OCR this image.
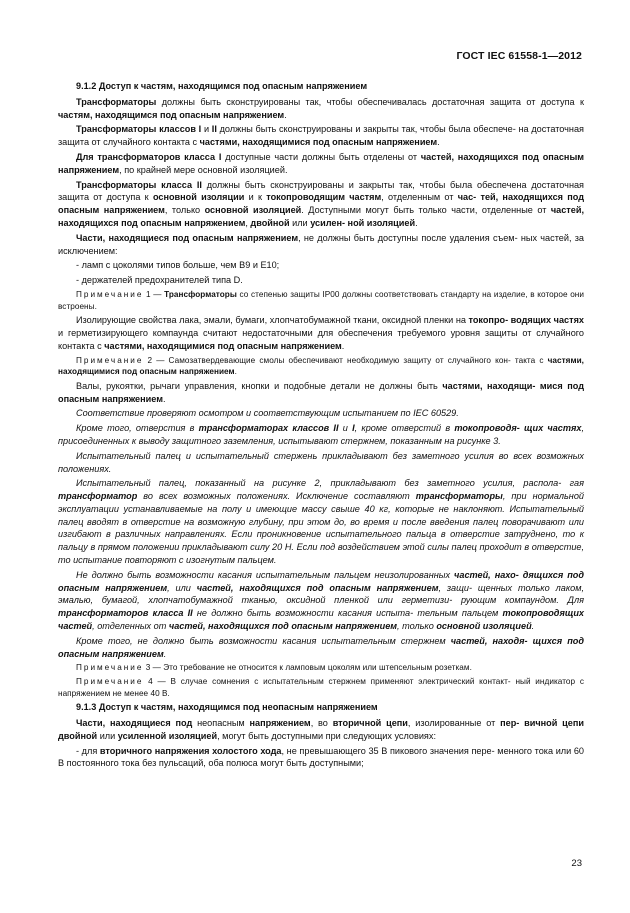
ГОСТ IEC 61558-1—2012

9.1.2 Доступ к частям, находящимся под опасным напряжением

Трансформаторы должны быть сконструированы так, чтобы обеспечивалась достаточная защита от доступа к частям, находящимся под опасным напряжением.

Трансформаторы классов I и II должны быть сконструированы и закрыты так, чтобы была обеспече- на достаточная защита от случайного контакта с частями, находящимися под опасным напряжением.

Для трансформаторов класса I доступные части должны быть отделены от частей, находящихся под опасным напряжением, по крайней мере основной изоляцией.

Трансформаторы класса II должны быть сконструированы и закрыты так, чтобы была обеспечена достаточная защита от доступа к основной изоляции и к токопроводящим частям, отделенным от час- тей, находящихся под опасным напряжением, только основной изоляцией. Доступными могут быть только части, отделенные от частей, находящихся под опасным напряжением, двойной или усилен- ной изоляцией.

Части, находящиеся под опасным напряжением, не должны быть доступны после удаления съем- ных частей, за исключением:

- ламп с цоколями типов больше, чем В9 и Е10;

- держателей предохранителей типа D.

Примечание 1 — Трансформаторы со степенью защиты IP00 должны соответствовать стандарту на изделие, в которое они встроены.

Изолирующие свойства лака, эмали, бумаги, хлопчатобумажной ткани, оксидной пленки на токопро- водящих частях и герметизирующего компаунда считают недостаточными для обеспечения требуемого уровня защиты от случайного контакта с частями, находящимися под опасным напряжением.

Примечание 2 — Самозатвердевающие смолы обеспечивают необходимую защиту от случайного кон- такта с частями, находящимися под опасным напряжением.

Валы, рукоятки, рычаги управления, кнопки и подобные детали не должны быть частями, находящи- мися под опасным напряжением.

Соответствие проверяют осмотром и соответствующим испытанием по IEC 60529.

Кроме того, отверстия в трансформаторах классов II и I, кроме отверстий в токопроводя- щих частях, присоединенных к выводу защитного заземления, испытывают стержнем, показанным на рисунке 3.

Испытательный палец и испытательный стержень прикладывают без заметного усилия во всех возможных положениях.

Испытательный палец, показанный на рисунке 2, прикладывают без заметного усилия, распола- гая трансформатор во всех возможных положениях. Исключение составляют трансформаторы, при нормальной эксплуатации устанавливаемые на полу и имеющие массу свыше 40 кг, которые не наклоняют. Испытательный палец вводят в отверстие на возможную глубину, при этом до, во время и после введения палец поворачивают или изгибают в различных направлениях. Если проникновение испытательного пальца в отверстие затруднено, то к пальцу в прямом положении прикладывают силу 20 Н. Если под воздействием этой силы палец проходит в отверстие, то испытание повторяют с изогнутым пальцем.

Не должно быть возможности касания испытательным пальцем неизолированных частей, нахо- дящихся под опасным напряжением, или частей, находящихся под опасным напряжением, защи- щенных только лаком, эмалью, бумагой, хлопчатобумажной тканью, оксидной пленкой или герметизи- рующим компаундом. Для трансформаторов класса II не должно быть возможности касания испыта- тельным пальцем токопроводящих частей, отделенных от частей, находящихся под опасным напряжением, только основной изоляцией.

Кроме того, не должно быть возможности касания испытательным стержнем частей, находя- щихся под опасным напряжением.

Примечание 3 — Это требование не относится к ламповым цоколям или штепсельным розеткам.

Примечание 4 — В случае сомнения с испытательным стержнем применяют электрический контакт- ный индикатор с напряжением не менее 40 В.

9.1.3 Доступ к частям, находящимся под неопасным напряжением

Части, находящиеся под неопасным напряжением, во вторичной цепи, изолированные от пер- вичной цепи двойной или усиленной изоляцией, могут быть доступными при следующих условиях:

- для вторичного напряжения холостого хода, не превышающего 35 В пикового значения пере- менного тока или 60 В постоянного тока без пульсаций, оба полюса могут быть доступными;

23
